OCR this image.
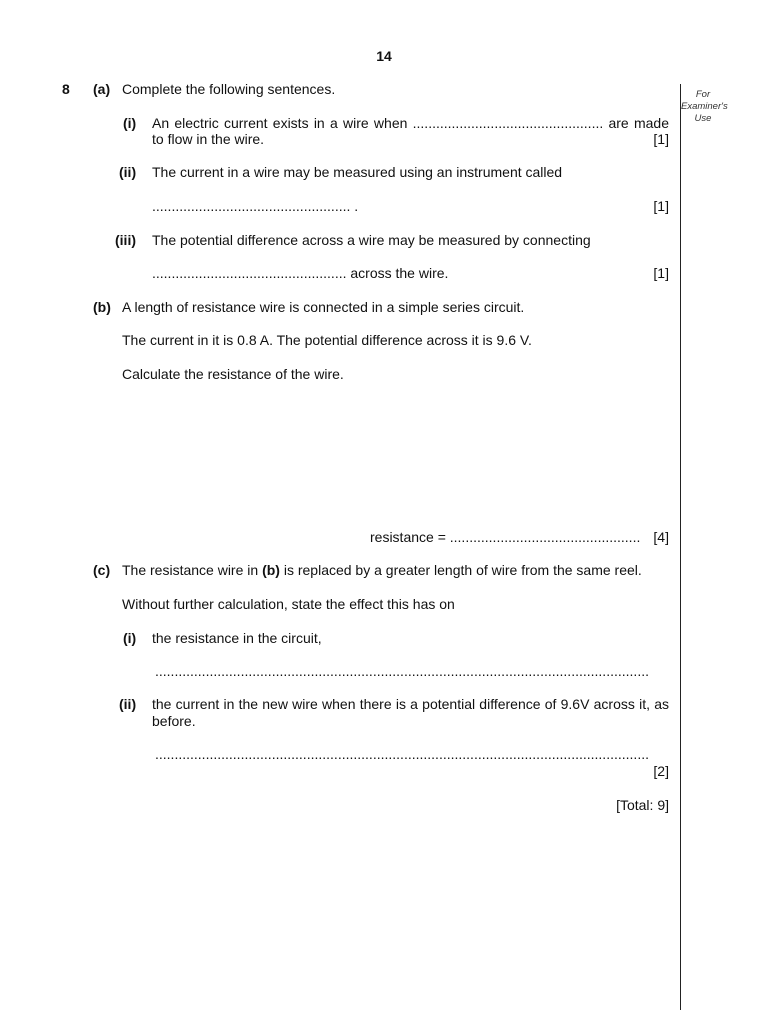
14
For
Examiner's
Use
8 (a) Complete the following sentences.
(i) An electric current exists in a wire when ................................................. are made
to flow in the wire.	[1]
(ii) The current in a wire may be measured using an instrument called
................................................... .	[1]
(iii) The potential difference across a wire may be measured by connecting
.................................................. across the wire.	[1]
(b) A length of resistance wire is connected in a simple series circuit.
The current in it is 0.8 A. The potential difference across it is 9.6 V.
Calculate the resistance of the wire.
resistance = ................................................. [4]
(c) The resistance wire in (b) is replaced by a greater length of wire from the same reel.
Without further calculation, state the effect this has on
(i) the resistance in the circuit,
...............................................................................................................................
(ii) the current in the new wire when there is a potential difference of 9.6V across it, as
before.
...............................................................................................................................
[2]
[Total: 9]
